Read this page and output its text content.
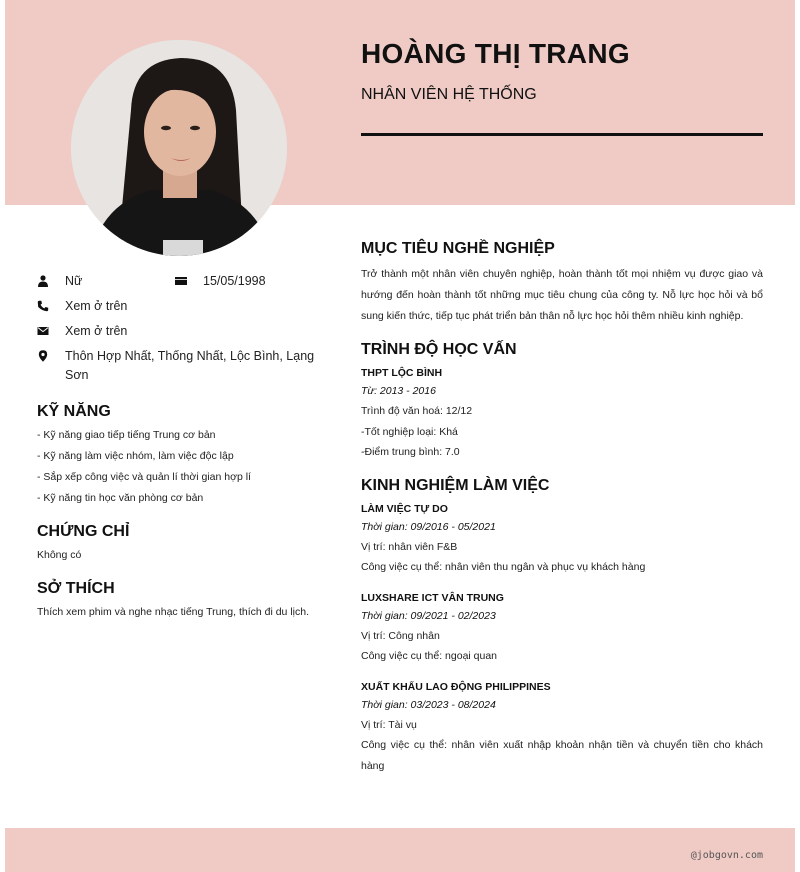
HOÀNG THỊ TRANG
NHÂN VIÊN HỆ THỐNG
Nữ	15/05/1998
Xem ở trên
Xem ở trên
Thôn Hợp Nhất, Thống Nhất, Lộc Bình, Lạng Sơn
KỸ NĂNG
- Kỹ năng giao tiếp tiếng Trung cơ bản
- Kỹ năng làm việc nhóm, làm việc độc lập
- Sắp xếp công việc và quản lí thời gian hợp lí
- Kỹ năng tin học văn phòng cơ bản
CHỨNG CHỈ
Không có
SỞ THÍCH
Thích xem phim và nghe nhạc tiếng Trung, thích đi du lịch.
MỤC TIÊU NGHỀ NGHIỆP
Trở thành một nhân viên chuyên nghiệp, hoàn thành tốt mọi nhiệm vụ được giao và hướng đến hoàn thành tốt những mục tiêu chung của công ty. Nỗ lực học hỏi và bổ sung kiến thức, tiếp tục phát triển bản thân nỗ lực học hỏi thêm nhiều kinh nghiệp.
TRÌNH ĐỘ HỌC VẤN
THPT LỘC BÌNH
Từ: 2013 - 2016
Trình độ văn hoá: 12/12
-Tốt nghiệp loại: Khá
-Điểm trung bình: 7.0
KINH NGHIỆM LÀM VIỆC
LÀM VIỆC TỰ DO
Thời gian: 09/2016 - 05/2021
Vị trí: nhân viên F&B
Công việc cụ thể: nhân viên thu ngân và phục vụ khách hàng
LUXSHARE ICT VÂN TRUNG
Thời gian: 09/2021 - 02/2023
Vị trí: Công nhân
Công việc cụ thể: ngoại quan
XUẤT KHẨU LAO ĐỘNG PHILIPPINES
Thời gian: 03/2023 - 08/2024
Vị trí: Tài vụ
Công việc cụ thể: nhân viên xuất nhập khoản nhận tiền và chuyển tiền cho khách hàng
@jobgovn.com
